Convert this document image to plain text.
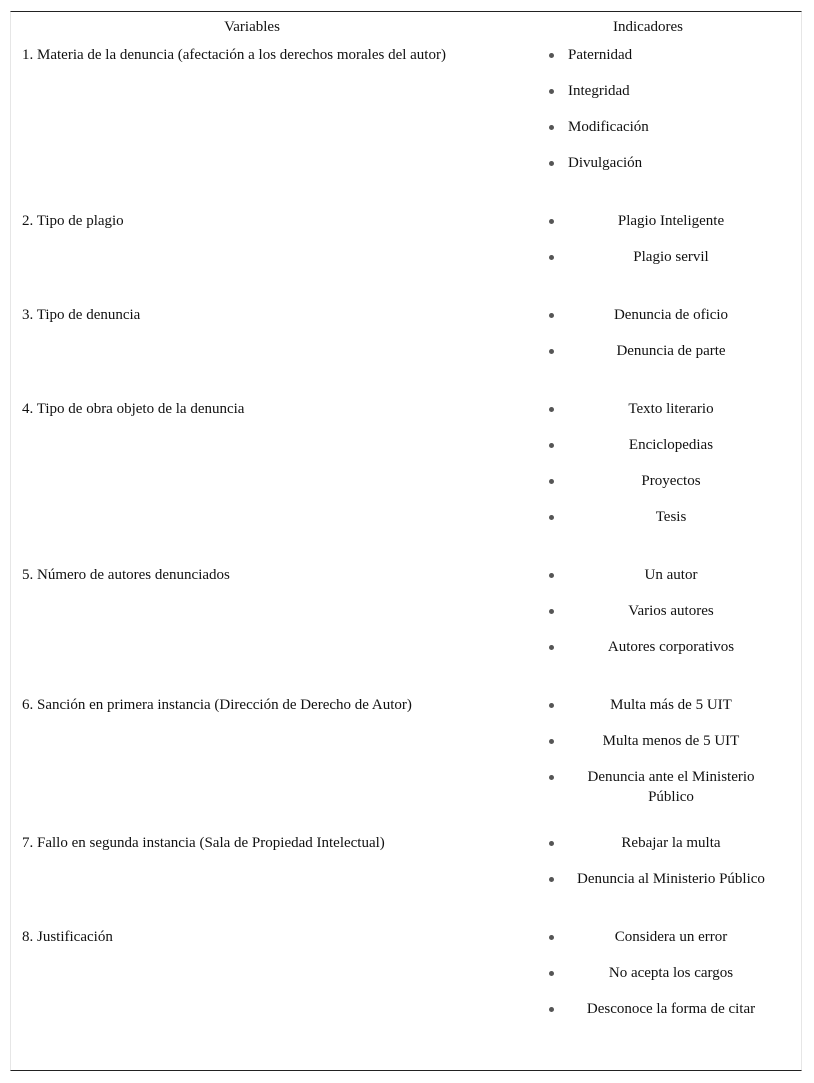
Variables	Indicadores
1. Materia de la denuncia (afectación a los derechos morales del autor)	Paternidad
Integridad
Modificación
Divulgación
2. Tipo de plagio	Plagio Inteligente
Plagio servil
3. Tipo de denuncia	Denuncia de oficio
Denuncia de parte
4. Tipo de obra objeto de la denuncia	Texto literario
Enciclopedias
Proyectos
Tesis
5. Número de autores denunciados	Un autor
Varios autores
Autores corporativos
6. Sanción en primera instancia (Dirección de Derecho de Autor)	Multa más de 5 UIT
Multa menos de 5 UIT
Denuncia ante el Ministerio Público
7. Fallo en segunda instancia (Sala de Propiedad Intelectual)	Rebajar la multa
Denuncia al Ministerio Público
8. Justificación	Considera un error
No acepta los cargos
Desconoce la forma de citar
